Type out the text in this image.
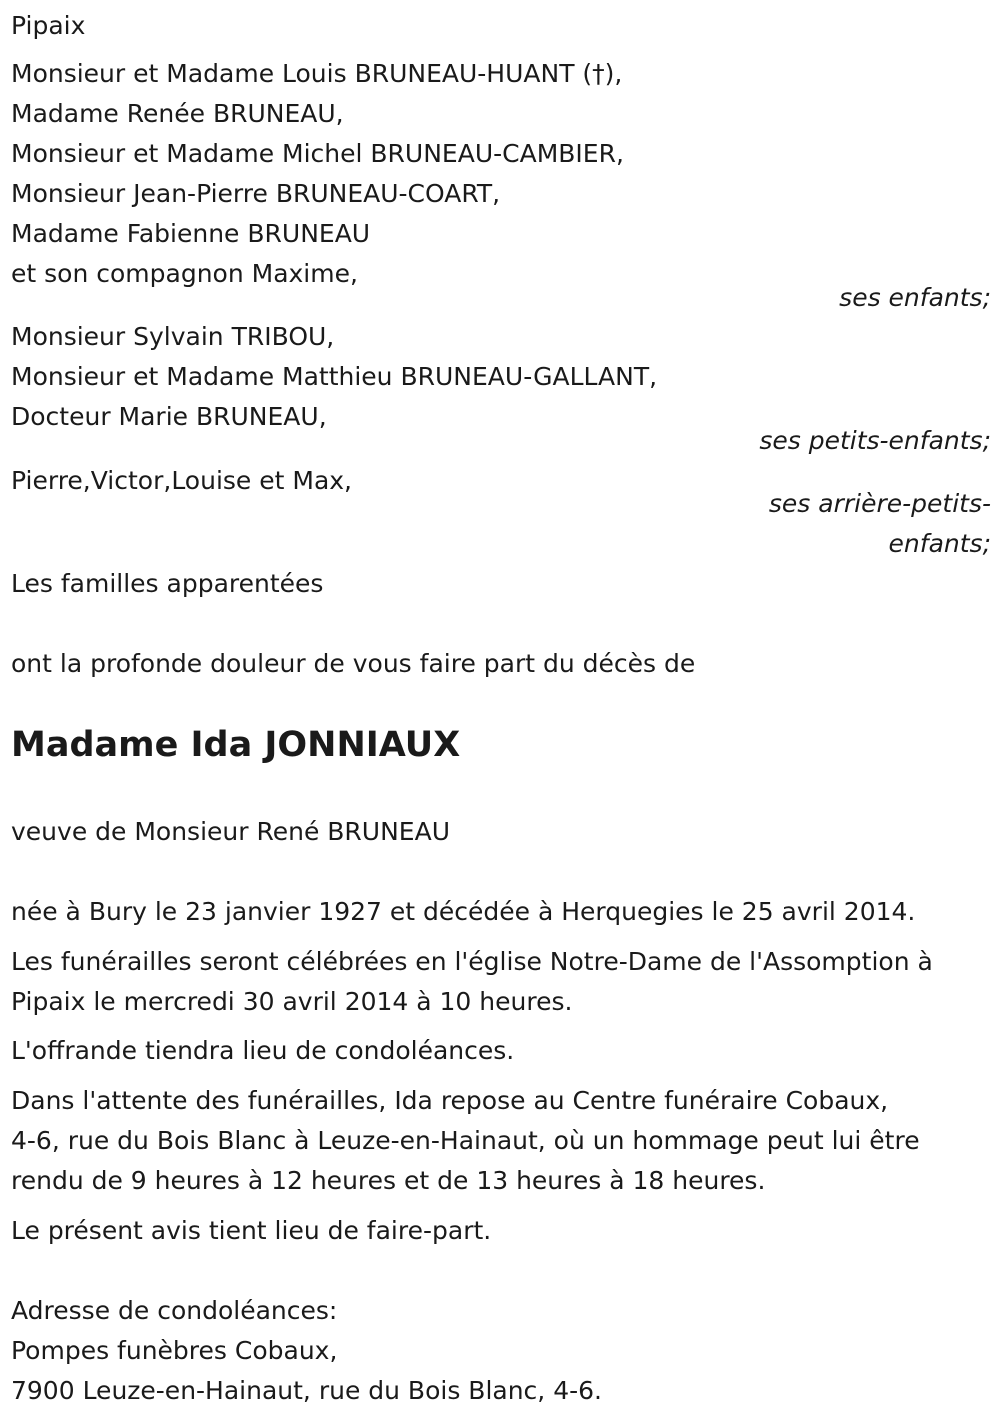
Pipaix
Monsieur et Madame Louis BRUNEAU-HUANT (†),
Madame Renée BRUNEAU,
Monsieur et Madame Michel BRUNEAU-CAMBIER,
Monsieur Jean-Pierre BRUNEAU-COART,
Madame Fabienne BRUNEAU
et son compagnon Maxime,
ses enfants;
Monsieur Sylvain TRIBOU,
Monsieur et Madame Matthieu BRUNEAU-GALLANT,
Docteur Marie BRUNEAU,
ses petits-enfants;
Pierre,Victor,Louise et Max,
ses arrière-petits-
enfants;
Les familles apparentées
ont la profonde douleur de vous faire part du décès de
Madame Ida JONNIAUX
veuve de Monsieur René BRUNEAU
née à Bury le 23 janvier 1927 et décédée à Herquegies le 25 avril 2014.
Les funérailles seront célébrées en l'église Notre-Dame de l'Assomption à
Pipaix le mercredi 30 avril 2014 à 10 heures.
L'offrande tiendra lieu de condoléances.
Dans l'attente des funérailles, Ida repose au Centre funéraire Cobaux,
4-6, rue du Bois Blanc à Leuze-en-Hainaut, où un hommage peut lui être
rendu de 9 heures à 12 heures et de 13 heures à 18 heures.
Le présent avis tient lieu de faire-part.
Adresse de condoléances:
Pompes funèbres Cobaux,
7900 Leuze-en-Hainaut, rue du Bois Blanc, 4-6.
